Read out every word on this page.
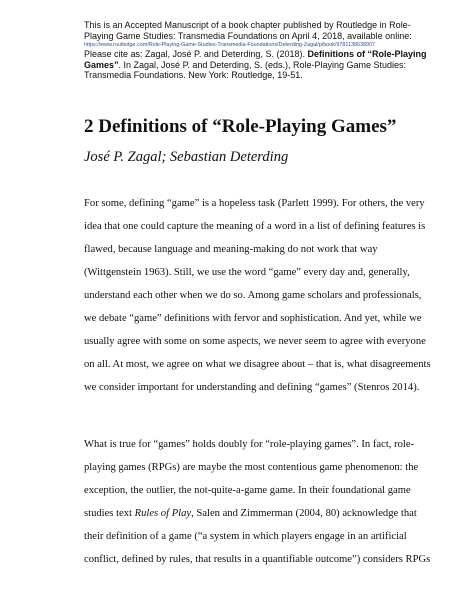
This is an Accepted Manuscript of a book chapter published by Routledge in Role-
Playing Game Studies: Transmedia Foundations on April 4, 2018, available online:
https://www.routledge.com/Role-Playing-Game-Studies-Transmedia-Foundations/Deterding-Zagal/p/book/9781138638907
Please cite as: Zagal, José P. and Deterding, S. (2018). Definitions of “Role-Playing
Games”. In Zagal, José P. and Deterding, S. (eds.), Role-Playing Game Studies:
Transmedia Foundations. New York: Routledge, 19-51.
2 Definitions of “Role-Playing Games”

José P. Zagal; Sebastian Deterding

For some, defining “game” is a hopeless task (Parlett 1999). For others, the very
idea that one could capture the meaning of a word in a list of defining features is
flawed, because language and meaning-making do not work that way
(Wittgenstein 1963). Still, we use the word “game” every day and, generally,
understand each other when we do so. Among game scholars and professionals,
we debate “game” definitions with fervor and sophistication. And yet, while we
usually agree with some on some aspects, we never seem to agree with everyone
on all. At most, we agree on what we disagree about – that is, what disagreements
we consider important for understanding and defining “games” (Stenros 2014).
What is true for “games” holds doubly for “role-playing games”. In fact, role-
playing games (RPGs) are maybe the most contentious game phenomenon: the
exception, the outlier, the not-quite-a-game game. In their foundational game
studies text Rules of Play, Salen and Zimmerman (2004, 80) acknowledge that
their definition of a game (“a system in which players engage in an artificial
conflict, defined by rules, that results in a quantifiable outcome”) considers RPGs
